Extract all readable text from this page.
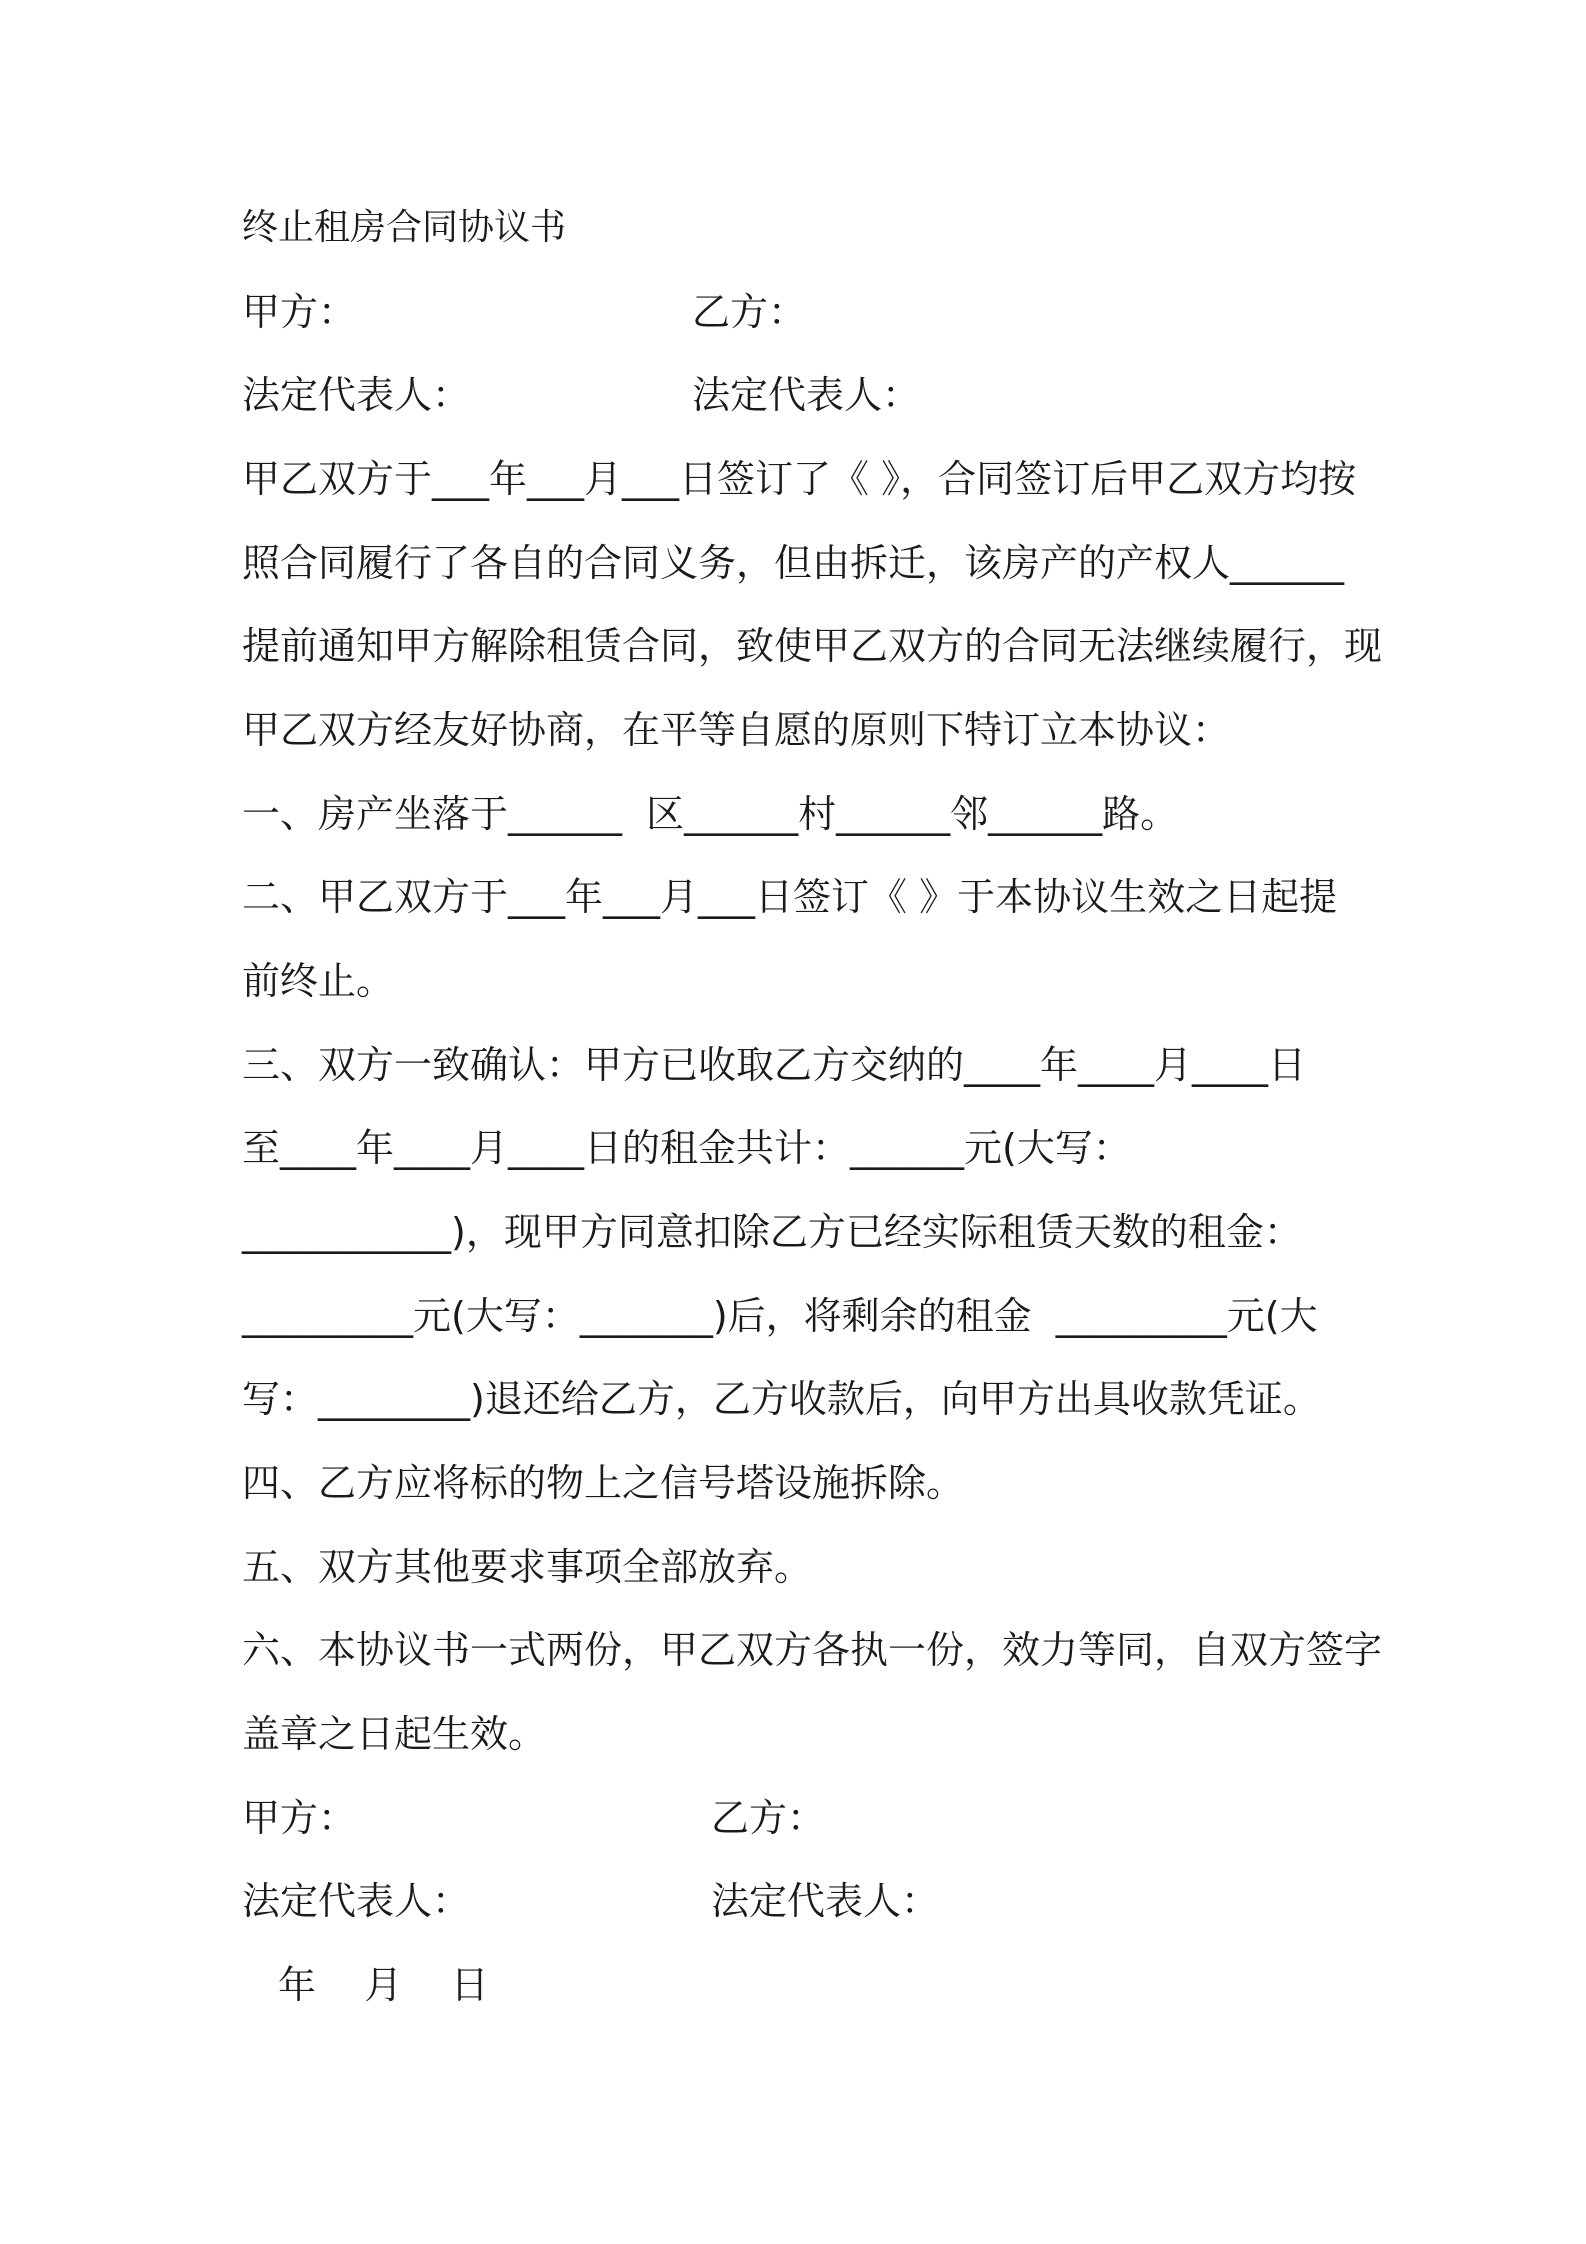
终止租房合同协议书
甲方：	乙方：
法定代表人：	法定代表人：
甲乙双方于___年___月___日签订了《 》，合同签订后甲乙双方均按
照合同履行了各自的合同义务，但由拆迁，该房产的产权人______
提前通知甲方解除租赁合同，致使甲乙双方的合同无法继续履行，现
甲乙双方经友好协商，在平等自愿的原则下特订立本协议：
一、房产坐落于______  区______村______邻______路。
二、甲乙双方于___年___月___日签订《 》于本协议生效之日起提
前终止。
三、双方一致确认：甲方已收取乙方交纳的____年____月____日
至____年____月____日的租金共计：______元(大写：
___________)，现甲方同意扣除乙方已经实际租赁天数的租金：
_________元(大写：_______)后，将剩余的租金  _________元(大
写：________)退还给乙方，乙方收款后，向甲方出具收款凭证。
四、乙方应将标的物上之信号塔设施拆除。
五、双方其他要求事项全部放弃。
六、本协议书一式两份，甲乙双方各执一份，效力等同，自双方签字
盖章之日起生效。
甲方：	乙方：
法定代表人：	法定代表人：
年    月    日
